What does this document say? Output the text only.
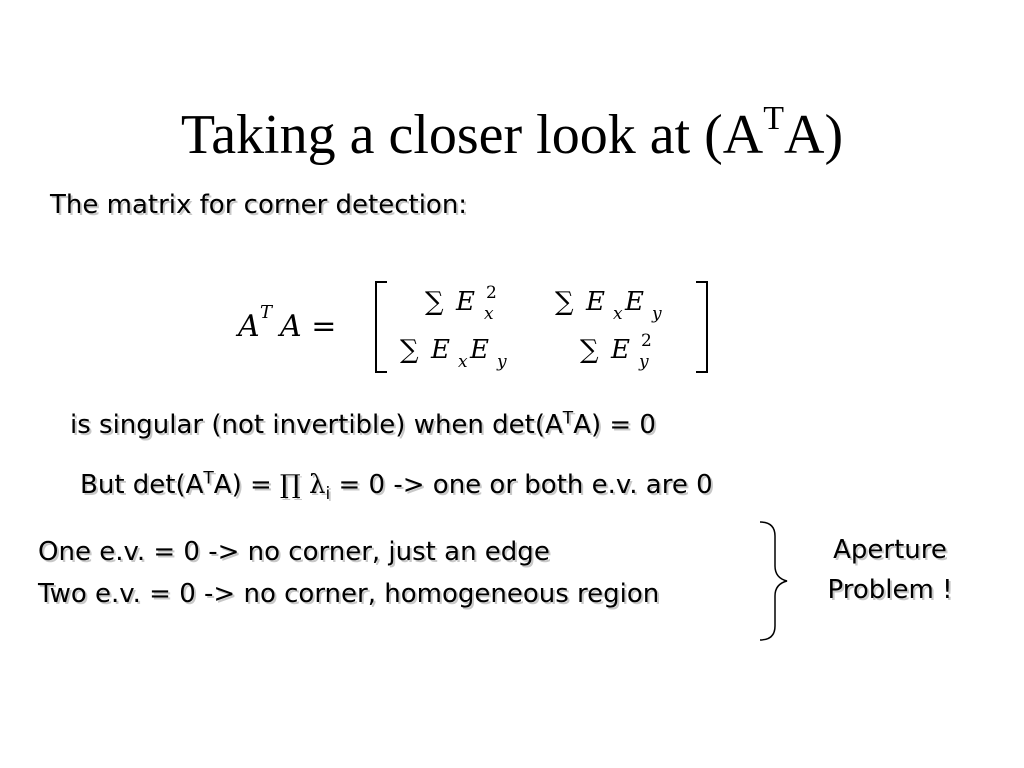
Taking a closer look at $(A^TA)$
The matrix for corner detection:
A T A =
∑ E 2
x ∑ E x E y
∑ E x E y	∑ E 2
y
is singular (not invertible) when $\det(A^TA) = 0$
But $\det(A^TA)$ = ∏ $\lambda_i = 0$ -> one or both e.v. are 0
One e.v. = 0 -> no corner, just an edge
Two e.v. = 0 -> no corner, homogeneous region
Aperture
Problem !
